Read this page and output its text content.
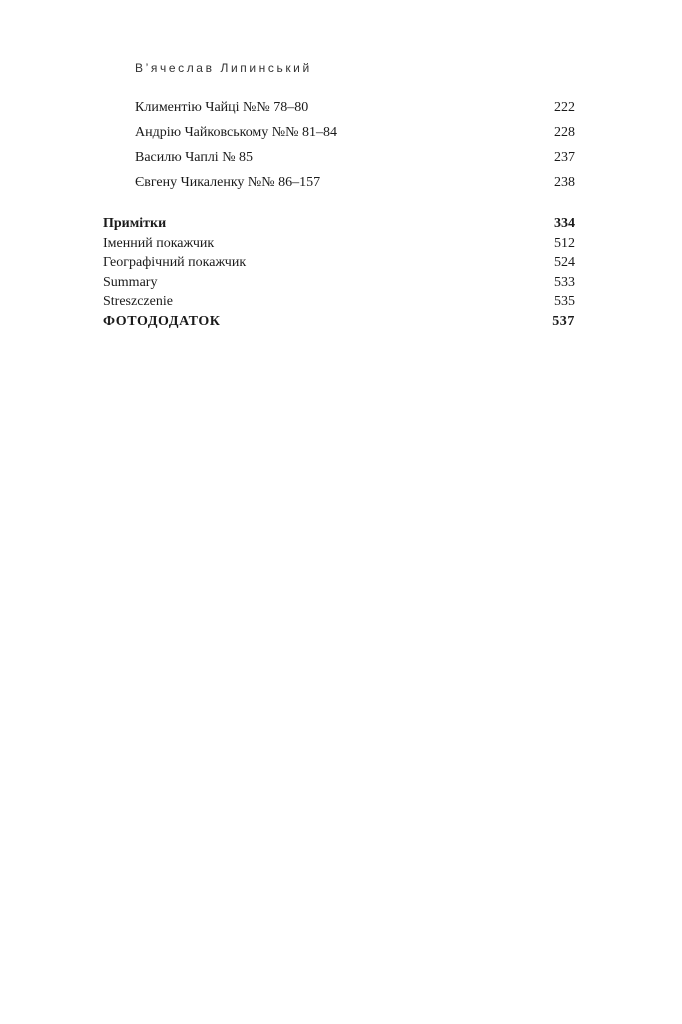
В’ячеслав Липинський
Климентію Чайці №№ 78–80	222
Андрію Чайковському №№ 81–84	228
Василю Чаплі № 85	237
Євгену Чикаленку №№ 86–157	238
Примітки	334
Іменний покажчик	512
Географічний покажчик	524
Summary	533
Streszczenie	535
ФОТОДОДАТОК	537
